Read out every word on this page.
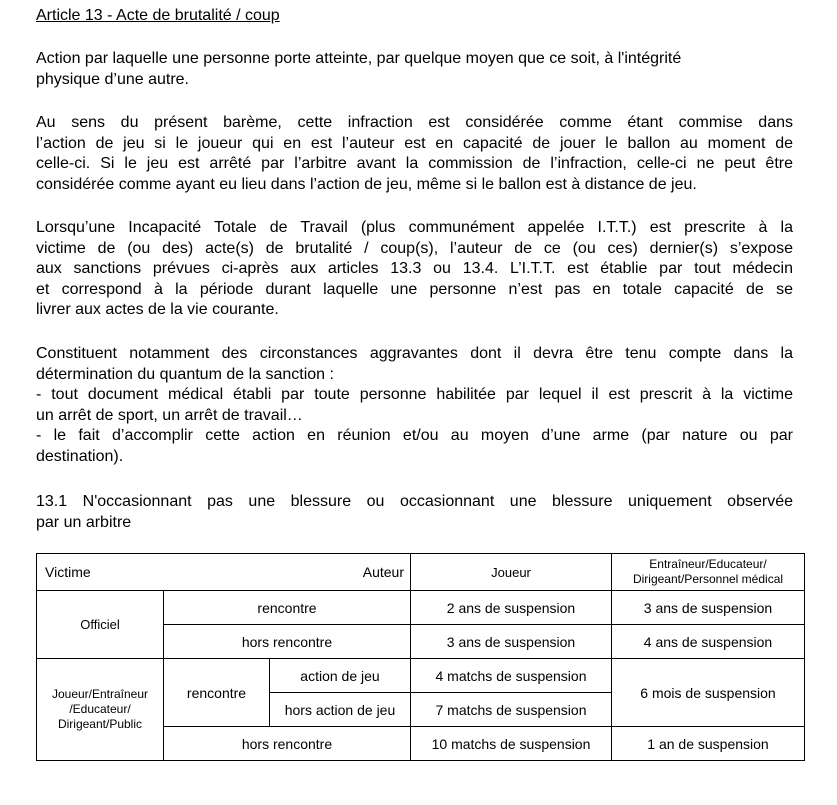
Article 13 - Acte de brutalité / coup

Action par laquelle une personne porte atteinte, par quelque moyen que ce soit, à l'intégrité
physique d’une autre.

Au sens du présent barème, cette infraction est considérée comme étant commise dans
l’action de jeu si le joueur qui en est l’auteur est en capacité de jouer le ballon au moment de
celle-ci. Si le jeu est arrêté par l’arbitre avant la commission de l’infraction, celle-ci ne peut être
considérée comme ayant eu lieu dans l’action de jeu, même si le ballon est à distance de jeu.

Lorsqu’une Incapacité Totale de Travail (plus communément appelée I.T.T.) est prescrite à la
victime de (ou des) acte(s) de brutalité / coup(s), l’auteur de ce (ou ces) dernier(s) s’expose
aux sanctions prévues ci-après aux articles 13.3 ou 13.4. L’I.T.T. est établie par tout médecin
et correspond à la période durant laquelle une personne n’est pas en totale capacité de se
livrer aux actes de la vie courante.

Constituent notamment des circonstances aggravantes dont il devra être tenu compte dans la
détermination du quantum de la sanction :
- tout document médical établi par toute personne habilitée par lequel il est prescrit à la victime
un arrêt de sport, un arrêt de travail…
- le fait d’accomplir cette action en réunion et/ou au moyen d’une arme (par nature ou par
destination).

13.1 N'occasionnant pas une blessure ou occasionnant une blessure uniquement observée
par un arbitre

Victime Auteur			Joueur	Entraîneur/Educateur/
Dirigeant/Personnel médical
Officiel	rencontre		2 ans de suspension	3 ans de suspension
	hors rencontre		3 ans de suspension	4 ans de suspension
Joueur/Entraîneur
/Educateur/
Dirigeant/Public	rencontre	action de jeu	4 matchs de suspension	6 mois de suspension
		hors action de jeu	7 matchs de suspension	
	hors rencontre		10 matchs de suspension	1 an de suspension
